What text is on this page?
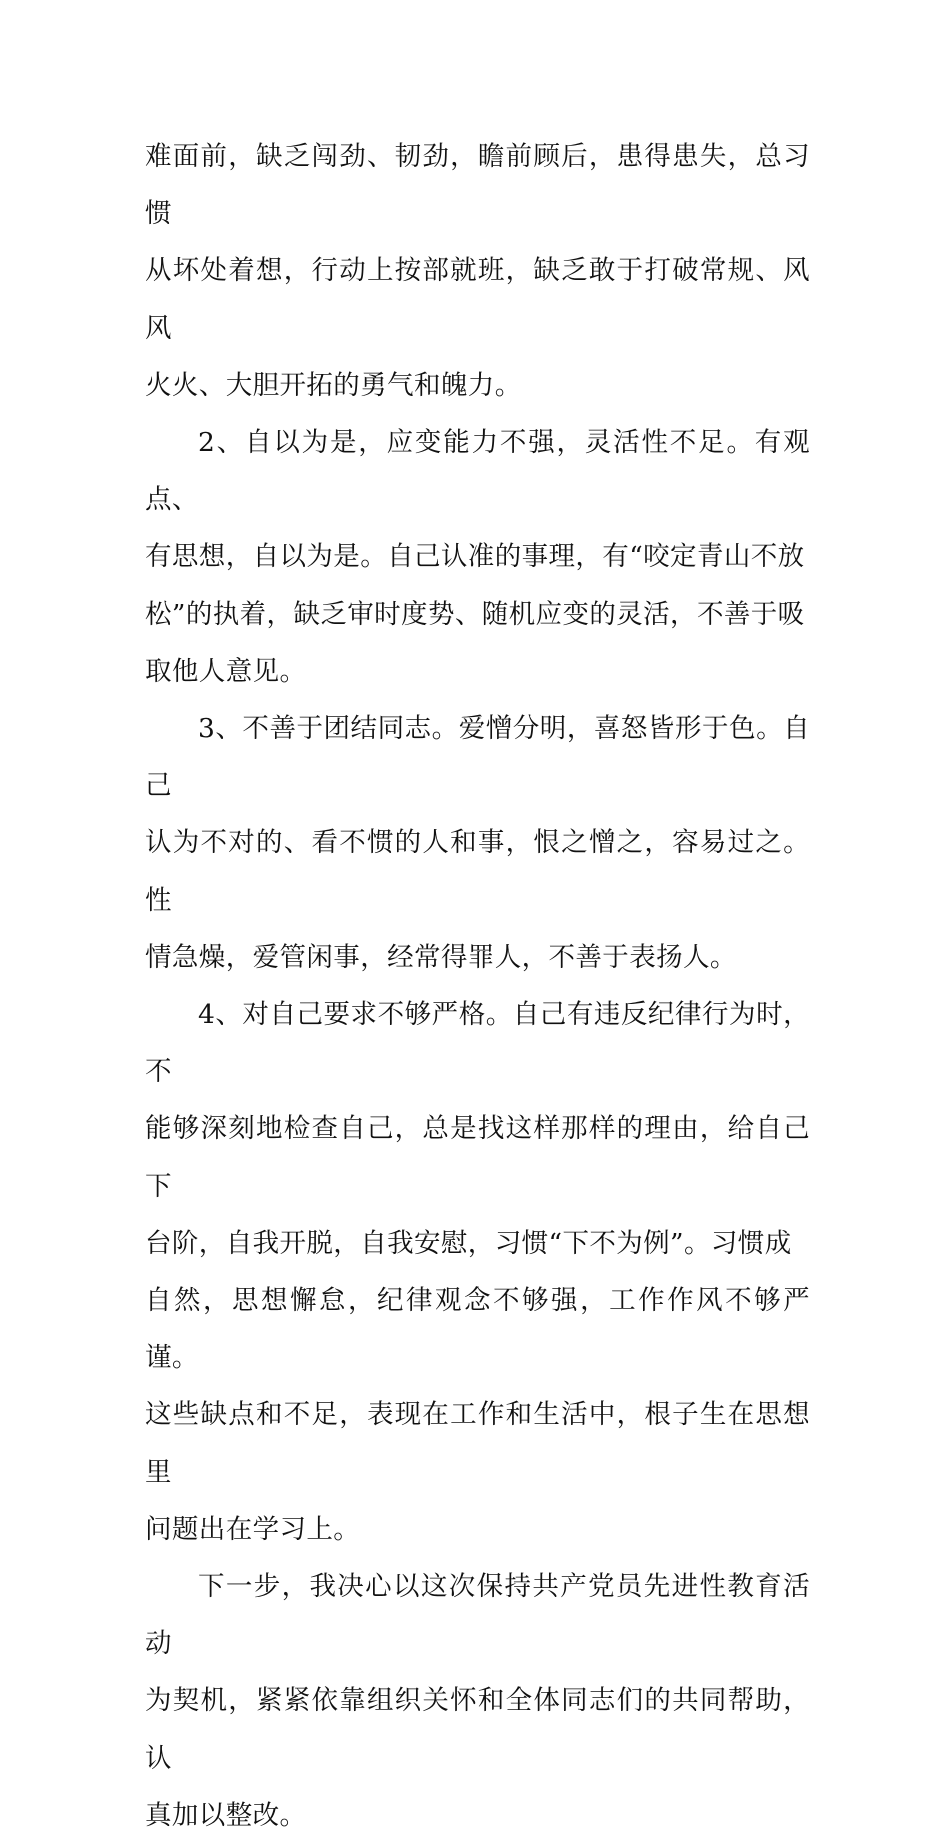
难面前，缺乏闯劲、韧劲，瞻前顾后，患得患失，总习惯
从坏处着想，行动上按部就班，缺乏敢于打破常规、风风
火火、大胆开拓的勇气和魄力。

2、自以为是，应变能力不强，灵活性不足。有观点、
有思想，自以为是。自己认准的事理，有“咬定青山不放
松”的执着，缺乏审时度势、随机应变的灵活，不善于吸
取他人意见。

3、不善于团结同志。爱憎分明，喜怒皆形于色。自己
认为不对的、看不惯的人和事，恨之憎之，容易过之。性
情急燥，爱管闲事，经常得罪人，不善于表扬人。

4、对自己要求不够严格。自己有违反纪律行为时，不
能够深刻地检查自己，总是找这样那样的理由，给自己下
台阶，自我开脱，自我安慰，习惯“下不为例”。习惯成
自然，思想懈怠，纪律观念不够强，工作作风不够严谨。
这些缺点和不足，表现在工作和生活中，根子生在思想里
问题出在学习上。

下一步，我决心以这次保持共产党员先进性教育活动
为契机，紧紧依靠组织关怀和全体同志们的共同帮助，认
真加以整改。
